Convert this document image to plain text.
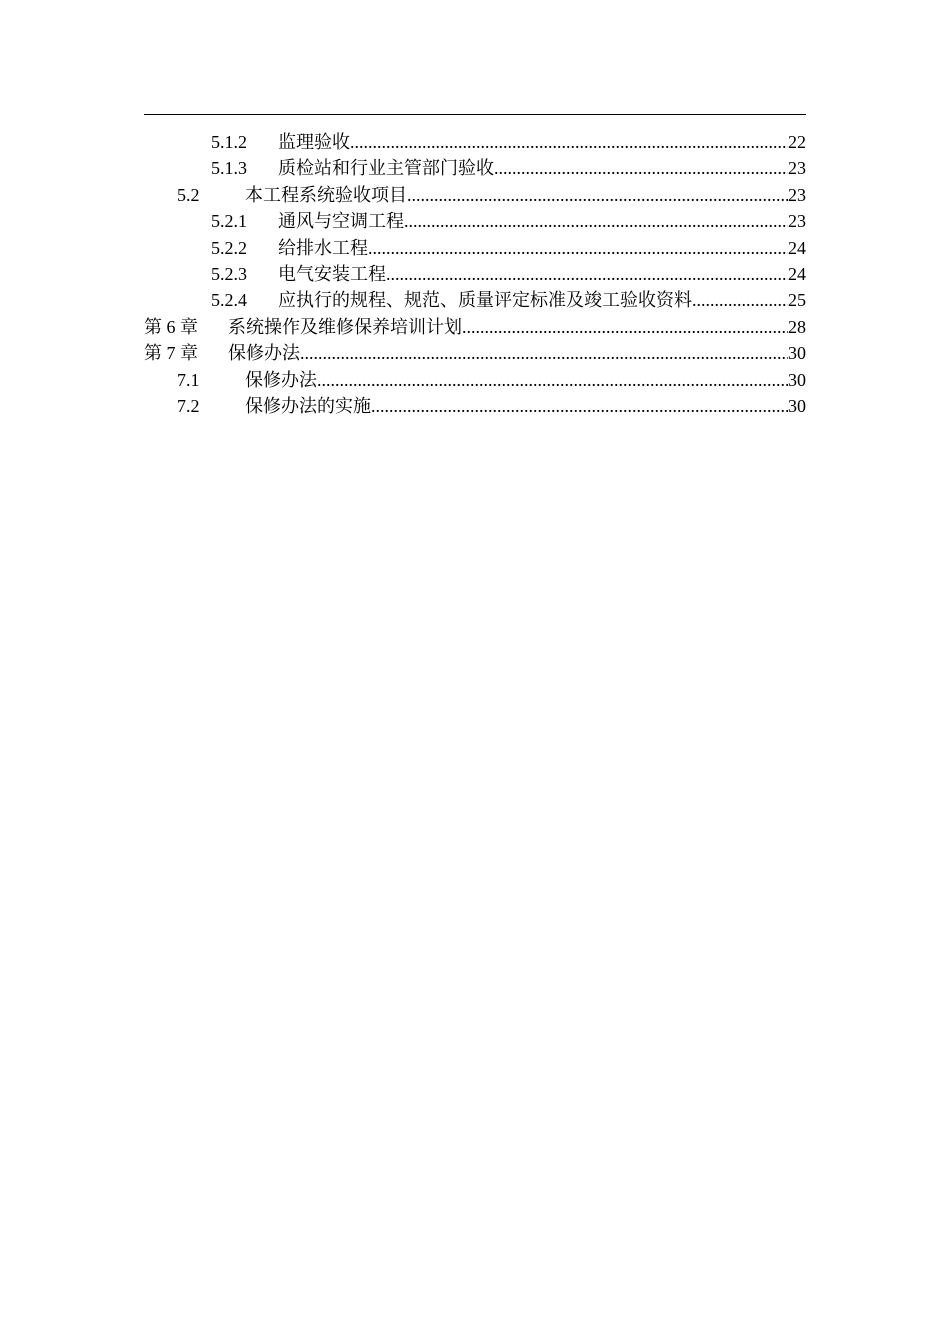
5.1.2	监理验收 .....	22
5.1.3	质检站和行业主管部门验收 .....	23
5.2	本工程系统验收项目 .....	23
5.2.1	通风与空调工程 .....	23
5.2.2	给排水工程 .....	24
5.2.3	电气安装工程 .....	24
5.2.4	应执行的规程、规范、质量评定标准及竣工验收资料 .....	25
第 6 章	系统操作及维修保养培训计划 .....	28
第 7 章	保修办法 .....	30
7.1	保修办法 .....	30
7.2	保修办法的实施 .....	30
